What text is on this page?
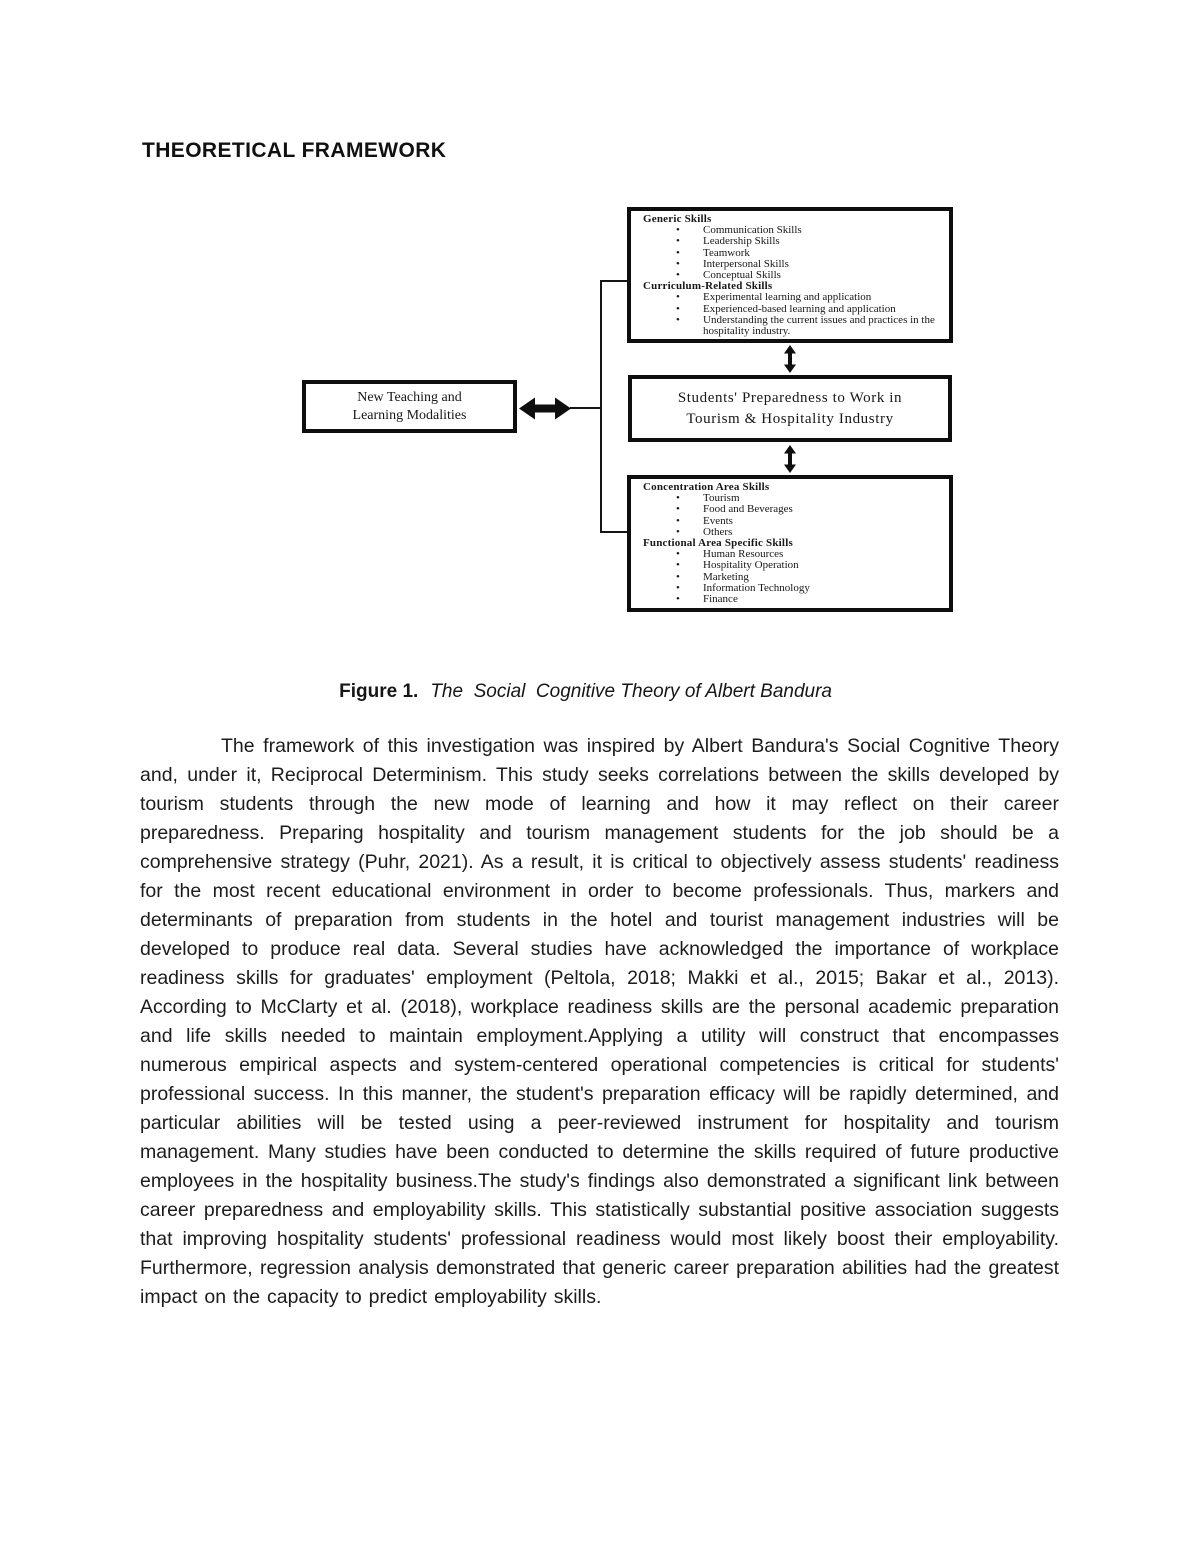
THEORETICAL FRAMEWORK
New Teaching and
Learning Modalities
Students' Preparedness to Work in
Tourism & Hospitality Industry
Generic Skills
• Communication Skills
• Leadership Skills
• Teamwork
• Interpersonal Skills
• Conceptual Skills
Curriculum-Related Skills
• Experimental learning and application
• Experienced-based learning and application
• Understanding the current issues and practices in the hospitality industry.
Concentration Area Skills
• Tourism
• Food and Beverages
• Events
• Others
Functional Area Specific Skills
• Human Resources
• Hospitality Operation
• Marketing
• Information Technology
• Finance

Figure 1. The  Social  Cognitive Theory of Albert Bandura

The framework of this investigation was inspired by Albert Bandura's Social Cognitive Theory and, under it, Reciprocal Determinism. This study seeks correlations between the skills developed by tourism students through the new mode of learning and how it may reflect on their career preparedness. Preparing hospitality and tourism management students for the job should be a comprehensive strategy (Puhr, 2021). As a result, it is critical to objectively assess students' readiness for the most recent educational environment in order to become professionals. Thus, markers and determinants of preparation from students in the hotel and tourist management industries will be developed to produce real data. Several studies have acknowledged the importance of workplace readiness skills for graduates' employment (Peltola, 2018; Makki et al., 2015; Bakar et al., 2013). According to McClarty et al. (2018), workplace readiness skills are the personal academic preparation and life skills needed to maintain employment.Applying a utility will construct that encompasses numerous empirical aspects and system-centered operational competencies is critical for students' professional success. In this manner, the student's preparation efficacy will be rapidly determined, and particular abilities will be tested using a peer-reviewed instrument for hospitality and tourism management. Many studies have been conducted to determine the skills required of future productive employees in the hospitality business.The study's findings also demonstrated a significant link between career preparedness and employability skills. This statistically substantial positive association suggests that improving hospitality students' professional readiness would most likely boost their employability. Furthermore, regression analysis demonstrated that generic career preparation abilities had the greatest impact on the capacity to predict employability skills.
